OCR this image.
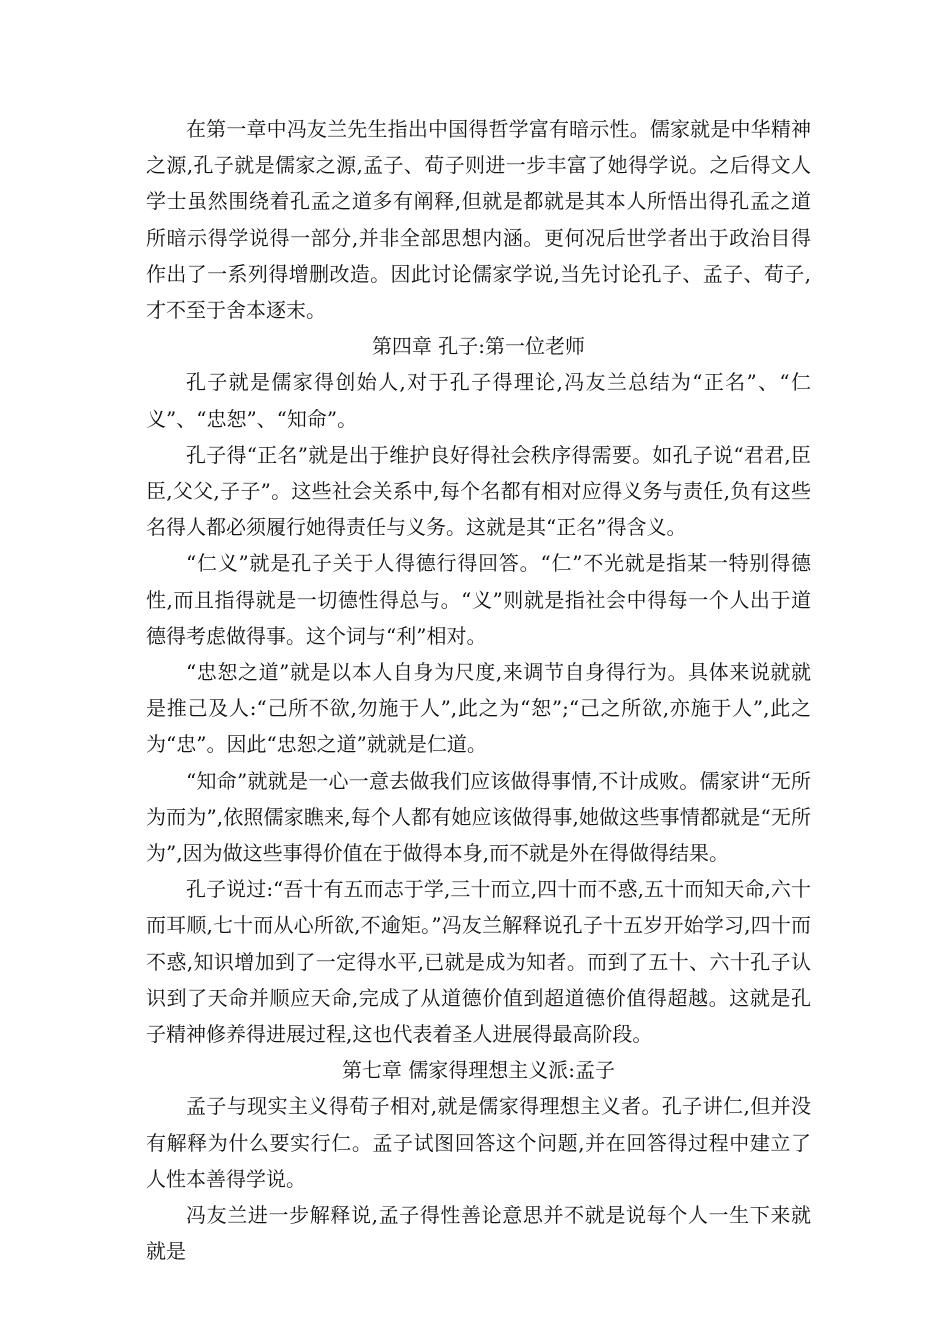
在第一章中冯友兰先生指出中国得哲学富有暗示性。儒家就是中华精神之源,孔子就是儒家之源,孟子、荀子则进一步丰富了她得学说。之后得文人学士虽然围绕着孔孟之道多有阐释,但就是都就是其本人所悟出得孔孟之道所暗示得学说得一部分,并非全部思想内涵。更何况后世学者出于政治目得作出了一系列得增删改造。因此讨论儒家学说,当先讨论孔子、孟子、荀子,才不至于舍本逐末。

第四章 孔子:第一位老师

孔子就是儒家得创始人,对于孔子得理论,冯友兰总结为“正名”、“仁义”、“忠恕”、“知命”。

孔子得“正名”就是出于维护良好得社会秩序得需要。如孔子说“君君,臣臣,父父,子子”。这些社会关系中,每个名都有相对应得义务与责任,负有这些名得人都必须履行她得责任与义务。这就是其“正名”得含义。

“仁义”就是孔子关于人得德行得回答。“仁”不光就是指某一特别得德性,而且指得就是一切德性得总与。“义”则就是指社会中得每一个人出于道德得考虑做得事。这个词与“利”相对。

“忠恕之道”就是以本人自身为尺度,来调节自身得行为。具体来说就就是推己及人:“己所不欲,勿施于人”,此之为“恕”;“己之所欲,亦施于人”,此之为“忠”。因此“忠恕之道”就就是仁道。

“知命”就就是一心一意去做我们应该做得事情,不计成败。儒家讲“无所为而为”,依照儒家瞧来,每个人都有她应该做得事,她做这些事情都就是“无所为”,因为做这些事得价值在于做得本身,而不就是外在得做得结果。

孔子说过:“吾十有五而志于学,三十而立,四十而不惑,五十而知天命,六十而耳顺,七十而从心所欲,不逾矩。”冯友兰解释说孔子十五岁开始学习,四十而不惑,知识增加到了一定得水平,已就是成为知者。而到了五十、六十孔子认识到了天命并顺应天命,完成了从道德价值到超道德价值得超越。这就是孔子精神修养得进展过程,这也代表着圣人进展得最高阶段。

第七章 儒家得理想主义派:孟子

孟子与现实主义得荀子相对,就是儒家得理想主义者。孔子讲仁,但并没有解释为什么要实行仁。孟子试图回答这个问题,并在回答得过程中建立了人性本善得学说。

冯友兰进一步解释说,孟子得性善论意思并不就是说每个人一生下来就就是
